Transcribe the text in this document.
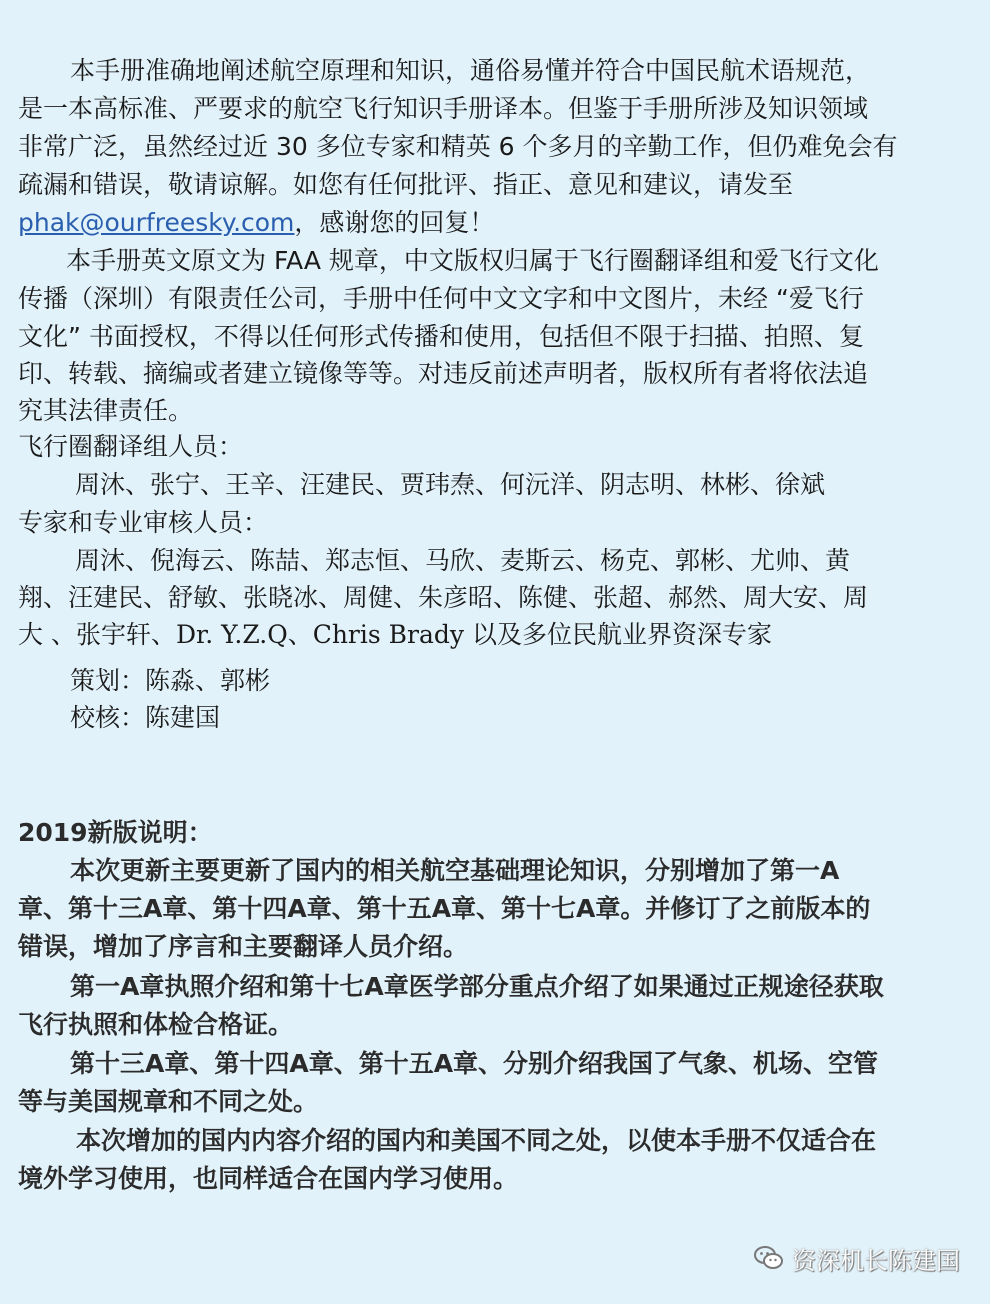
本手册准确地阐述航空原理和知识，通俗易懂并符合中国民航术语规范，
是一本高标准、严要求的航空飞行知识手册译本。但鉴于手册所涉及知识领域
非常广泛，虽然经过近 30 多位专家和精英 6 个多月的辛勤工作，但仍难免会有
疏漏和错误，敬请谅解。如您有任何批评、指正、意见和建议，请发至
phak@ourfreesky.com，感谢您的回复！
本手册英文原文为 FAA 规章，中文版权归属于飞行圈翻译组和爱飞行文化
传播（深圳）有限责任公司，手册中任何中文文字和中文图片，未经 “爱飞行
文化” 书面授权，不得以任何形式传播和使用，包括但不限于扫描、拍照、复
印、转载、摘编或者建立镜像等等。对违反前述声明者，版权所有者将依法追
究其法律责任。
飞行圈翻译组人员：
周沐、张宁、王辛、汪建民、贾玮焘、何沅洋、阴志明、林彬、徐斌
专家和专业审核人员：
周沐、倪海云、陈喆、郑志恒、马欣、麦斯云、杨克、郭彬、尤帅、黄
翔、汪建民、舒敏、张晓冰、周健、朱彦昭、陈健、张超、郝然、周大安、周
大 、张宇轩、Dr. Y.Z.Q、Chris Brady 以及多位民航业界资深专家
策划：陈淼、郭彬
校核：陈建国
2019新版说明：
本次更新主要更新了国内的相关航空基础理论知识，分别增加了第一A
章、第十三A章、第十四A章、第十五A章、第十七A章。并修订了之前版本的
错误，增加了序言和主要翻译人员介绍。
第一A章执照介绍和第十七A章医学部分重点介绍了如果通过正规途径获取
飞行执照和体检合格证。
第十三A章、第十四A章、第十五A章、分别介绍我国了气象、机场、空管
等与美国规章和不同之处。
本次增加的国内内容介绍的国内和美国不同之处，以使本手册不仅适合在
境外学习使用，也同样适合在国内学习使用。
资深机长陈建国
